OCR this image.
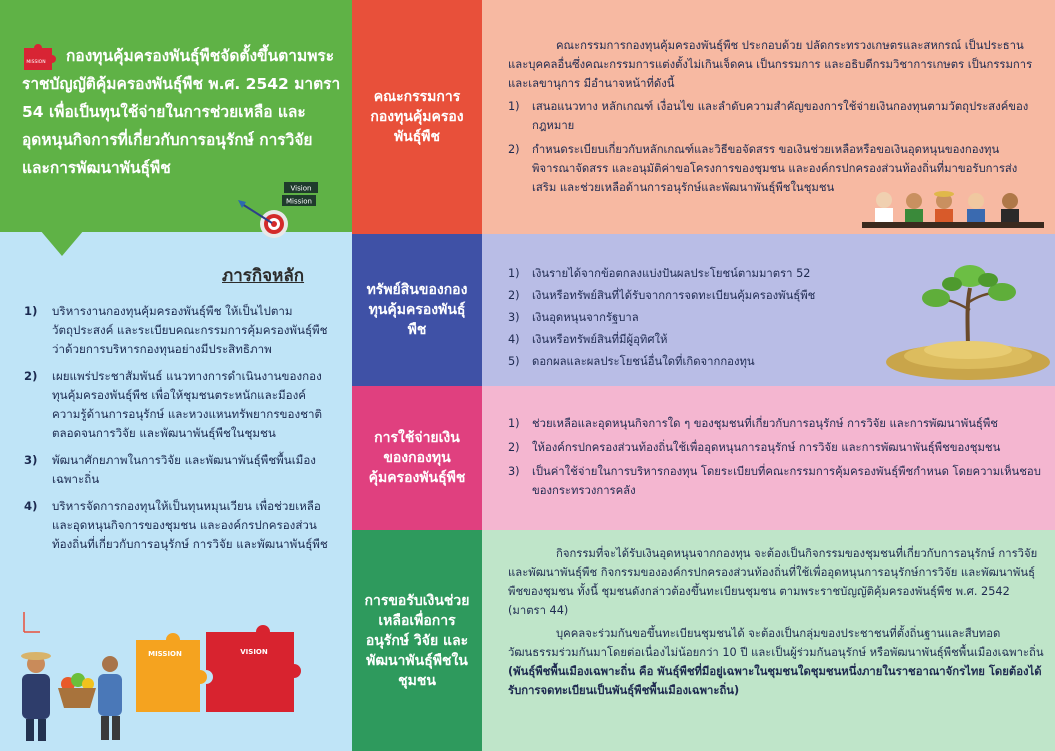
กองทุนคุ้มครองพันธุ์พืชจัดตั้งขึ้นตามพระราชบัญญัติคุ้มครองพันธุ์พืช พ.ศ. 2542 มาตรา 54 เพื่อเป็นทุนใช้จ่ายในการช่วยเหลือ และอุดหนุนกิจการที่เกี่ยวกับการอนุรักษ์ การวิจัย และการพัฒนาพันธุ์พืช

MISSION
Vision
Mission
ภารกิจหลัก
1)	บริหารงานกองทุนคุ้มครองพันธุ์พืช ให้เป็นไปตามวัตถุประสงค์ และระเบียบคณะกรรมการคุ้มครองพันธุ์พืช ว่าด้วยการบริหารกองทุนอย่างมีประสิทธิภาพ
2)	เผยแพร่ประชาสัมพันธ์ แนวทางการดำเนินงานของกองทุนคุ้มครองพันธุ์พืช เพื่อให้ชุมชนตระหนักและมีองค์ความรู้ด้านการอนุรักษ์ และหวงแหนทรัพยากรของชาติ ตลอดจนการวิจัย และพัฒนาพันธุ์พืชในชุมชน
3)	พัฒนาศักยภาพในการวิจัย และพัฒนาพันธุ์พืชพื้นเมืองเฉพาะถิ่น
4)	บริหารจัดการกองทุนให้เป็นทุนหมุนเวียน เพื่อช่วยเหลือ และอุดหนุนกิจการของชุมชน และองค์กรปกครองส่วนท้องถิ่นที่เกี่ยวกับการอนุรักษ์ การวิจัย และพัฒนาพันธุ์พืช
MISSION	VISION
คณะกรรมการกองทุนคุ้มครองพันธุ์พืช

คณะกรรมการกองทุนคุ้มครองพันธุ์พืช ประกอบด้วย ปลัดกระทรวงเกษตรและสหกรณ์ เป็นประธาน และบุคคลอื่นซึ่งคณะกรรมการแต่งตั้งไม่เกินเจ็ดคน เป็นกรรมการ และอธิบดีกรมวิชาการเกษตร เป็นกรรมการและเลขานุการ มีอำนาจหน้าที่ดังนี้

1)	เสนอแนวทาง หลักเกณฑ์ เงื่อนไข และลำดับความสำคัญของการใช้จ่ายเงินกองทุนตามวัตถุประสงค์ของกฎหมาย
2)	กำหนดระเบียบเกี่ยวกับหลักเกณฑ์และวิธีขอจัดสรร ขอเงินช่วยเหลือหรือขอเงินอุดหนุนของกองทุน พิจารณาจัดสรร และอนุมัติค่าขอโครงการของชุมชน และองค์กรปกครองส่วนท้องถิ่นที่มาขอรับการส่งเสริม และช่วยเหลือด้านการอนุรักษ์และพัฒนาพันธุ์พืชในชุมชน
ทรัพย์สินของกองทุนคุ้มครองพันธุ์พืช
1)	เงินรายได้จากข้อตกลงแบ่งปันผลประโยชน์ตามมาตรา 52
2)	เงินหรือทรัพย์สินที่ได้รับจากการจดทะเบียนคุ้มครองพันธุ์พืช
3)	เงินอุดหนุนจากรัฐบาล
4)	เงินหรือทรัพย์สินที่มีผู้อุทิศให้
5)	ดอกผลและผลประโยชน์อื่นใดที่เกิดจากกองทุน
การใช้จ่ายเงินของกองทุนคุ้มครองพันธุ์พืช
1)	ช่วยเหลือและอุดหนุนกิจการใด ๆ ของชุมชนที่เกี่ยวกับการอนุรักษ์ การวิจัย และการพัฒนาพันธุ์พืช
2)	ให้องค์กรปกครองส่วนท้องถิ่นใช้เพื่ออุดหนุนการอนุรักษ์ การวิจัย และการพัฒนาพันธุ์พืชของชุมชน
3)	เป็นค่าใช้จ่ายในการบริหารกองทุน โดยระเบียบที่คณะกรรมการคุ้มครองพันธุ์พืชกำหนด โดยความเห็นชอบของกระทรวงการคลัง
การขอรับเงินช่วยเหลือเพื่อการอนุรักษ์ วิจัย และพัฒนาพันธุ์พืชในชุมชน

กิจกรรมที่จะได้รับเงินอุดหนุนจากกองทุน จะต้องเป็นกิจกรรมของชุมชนที่เกี่ยวกับการอนุรักษ์ การวิจัย และพัฒนาพันธุ์พืช กิจกรรมขององค์กรปกครองส่วนท้องถิ่นที่ใช้เพื่ออุดหนุนการอนุรักษ์การวิจัย และพัฒนาพันธุ์พืชของชุมชน ทั้งนี้ ชุมชนดังกล่าวต้องขึ้นทะเบียนชุมชน ตามพระราชบัญญัติคุ้มครองพันธุ์พืช พ.ศ. 2542 (มาตรา 44)

บุคคลจะร่วมกันขอขึ้นทะเบียนชุมชนได้ จะต้องเป็นกลุ่มของประชาชนที่ตั้งถิ่นฐานและสืบทอดวัฒนธรรมร่วมกันมาโดยต่อเนื่องไม่น้อยกว่า 10 ปี และเป็นผู้ร่วมกันอนุรักษ์ หรือพัฒนาพันธุ์พืชพื้นเมืองเฉพาะถิ่น (พันธุ์พืชพื้นเมืองเฉพาะถิ่น คือ พันธุ์พืชที่มีอยู่เฉพาะในชุมชนใดชุมชนหนึ่งภายในราชอาณาจักรไทย โดยต้องได้รับการจดทะเบียนเป็นพันธุ์พืชพื้นเมืองเฉพาะถิ่น)
